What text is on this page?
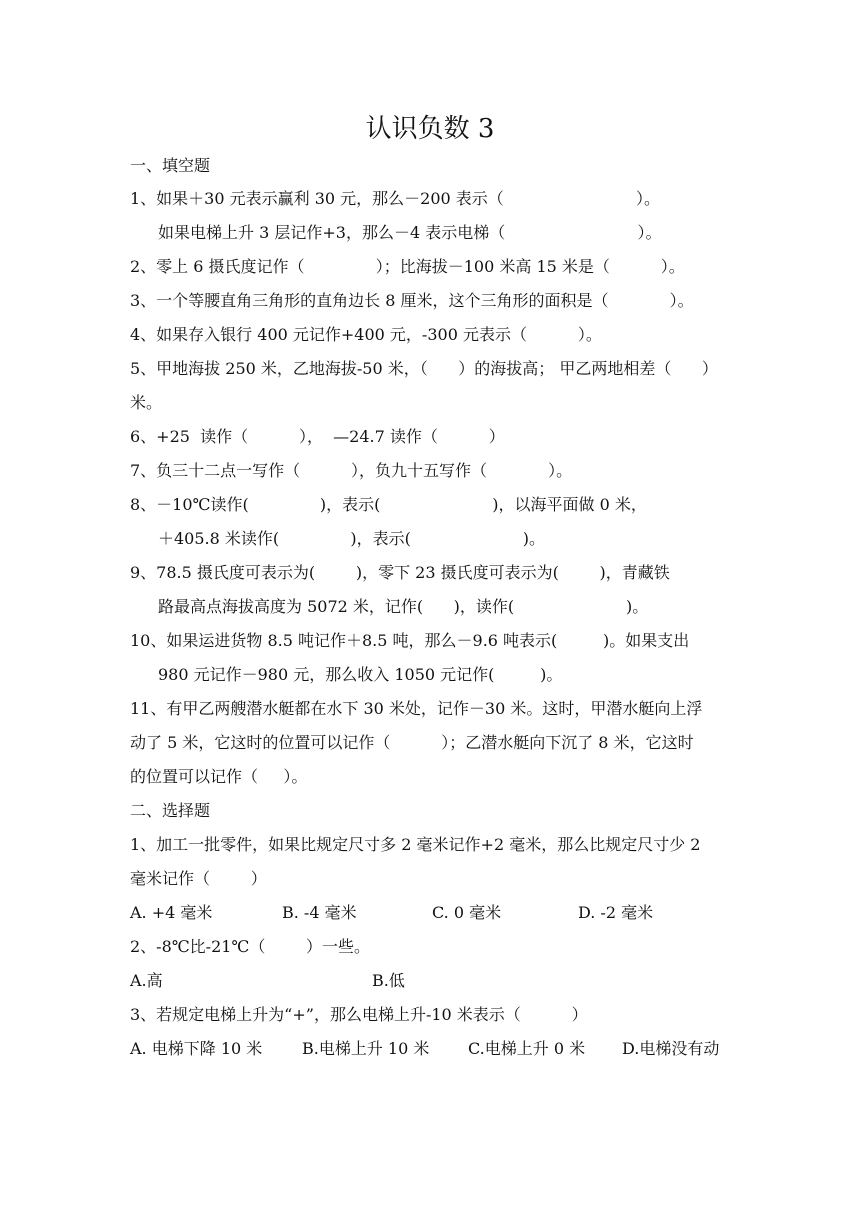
认识负数 3
一、填空题
1、如果＋30 元表示赢利 30 元，那么－200 表示（                          ）。
如果电梯上升 3 层记作+3，那么－4 表示电梯（                          ）。
2、零上 6 摄氏度记作（              ）；比海拔－100 米高 15 米是（          ）。
3、一个等腰直角三角形的直角边长 8 厘米，这个三角形的面积是（            ）。
4、如果存入银行 400 元记作+400 元，-300 元表示（          ）。
5、甲地海拔 250 米，乙地海拔-50 米，（      ）的海拔高； 甲乙两地相差（      ）
米。
6、+25  读作（          ），  —24.7 读作（          ）
7、负三十二点一写作（          ），负九十五写作（            ）。
8、－10℃读作(              )，表示(                      )，以海平面做 0 米，
＋405.8 米读作(              )，表示(                      )。
9、78.5 摄氏度可表示为(        )，零下 23 摄氏度可表示为(        )，青藏铁
路最高点海拔高度为 5072 米，记作(      )，读作(                      )。
10、如果运进货物 8.5 吨记作＋8.5 吨，那么－9.6 吨表示(         )。如果支出
980 元记作－980 元，那么收入 1050 元记作(         )。
11、有甲乙两艘潜水艇都在水下 30 米处，记作－30 米。这时，甲潜水艇向上浮
动了 5 米，它这时的位置可以记作（          ）；乙潜水艇向下沉了 8 米，它这时
的位置可以记作（     ）。
二、选择题
1、加工一批零件，如果比规定尺寸多 2 毫米记作+2 毫米，那么比规定尺寸少 2
毫米记作（        ）
A. +4 毫米	B. -4 毫米	C. 0 毫米	D. -2 毫米
2、-8℃比-21℃（        ）一些。
A.高	B.低
3、若规定电梯上升为“+”，那么电梯上升-10 米表示（          ）
A. 电梯下降 10 米 B.电梯上升 10 米 C.电梯上升 0 米 D.电梯没有动
